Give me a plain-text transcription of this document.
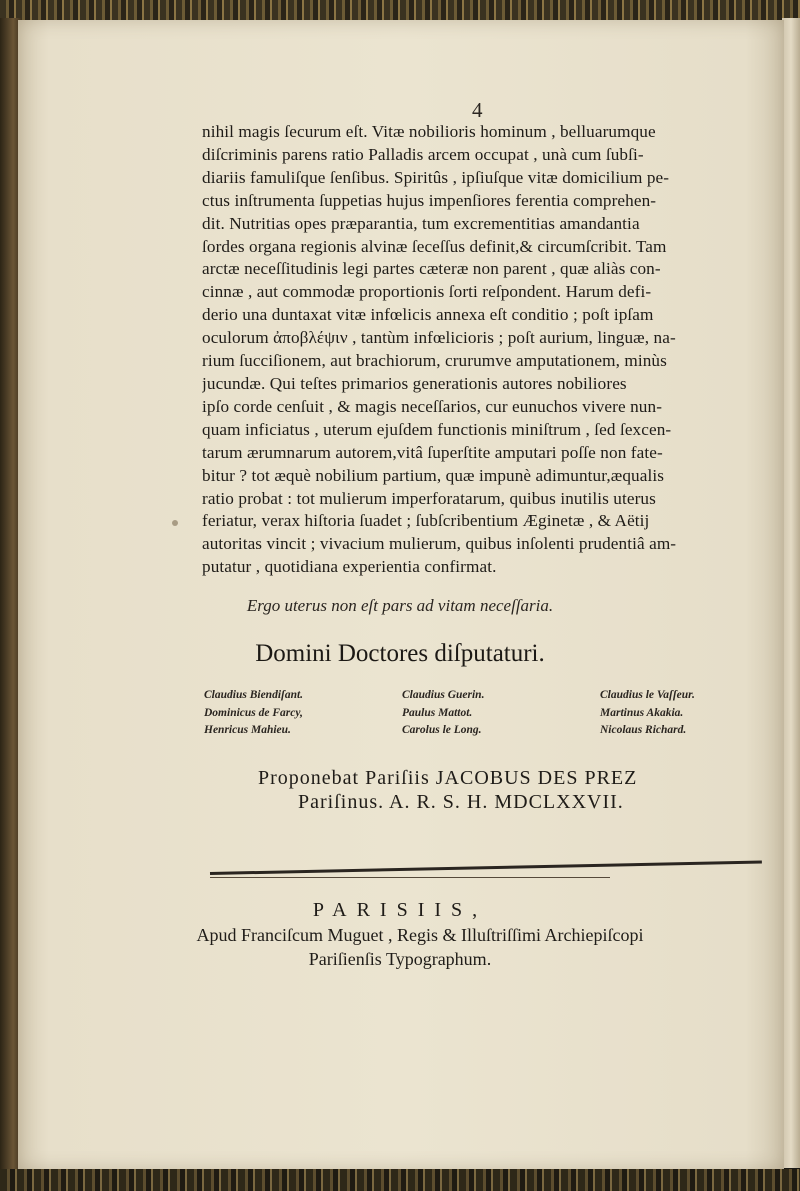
4
nihil magis ſecurum eſt. Vitæ nobilioris hominum , belluarumque
diſcriminis parens ratio Palladis arcem occupat , unà cum ſubſi-
diariis famuliſque ſenſibus. Spiritûs , ipſiuſque vitæ domicilium pe-
ctus inſtrumenta ſuppetias hujus impenſiores ferentia comprehen-
dit. Nutritias opes præparantia, tum excrementitias amandantia
ſordes organa regionis alvinæ ſeceſſus definit,& circumſcribit. Tam
arctæ neceſſitudinis legi partes cæteræ non parent , quæ aliàs con-
cinnæ , aut commodæ proportionis ſorti reſpondent. Harum defi-
derio una duntaxat vitæ infœlicis annexa eſt conditio ; poſt ipſam
oculorum ἀποβλέψιν , tantùm infœlicioris ; poſt aurium, linguæ, na-
rium ſucciſionem, aut brachiorum, crurumve amputationem, minùs
jucundæ. Qui teſtes primarios generationis autores nobiliores
ipſo corde cenſuit , & magis neceſſarios, cur eunuchos vivere nun-
quam inficiatus , uterum ejuſdem functionis miniſtrum , ſed ſexcen-
tarum ærumnarum autorem,vitâ ſuperſtite amputari poſſe non fate-
bitur ? tot æquè nobilium partium, quæ impunè adimuntur,æqualis
ratio probat : tot mulierum imperforatarum, quibus inutilis uterus
feriatur, verax hiſtoria ſuadet ; ſubſcribentium Æginetæ , & Aëtij
autoritas vincit ; vivacium mulierum, quibus inſolenti prudentiâ am-
putatur , quotidiana experientia confirmat.
Ergo uterus non eſt pars ad vitam neceſſaria.
Domini Doctores diſputaturi.
Claudius Biendiſant.
Dominicus de Farcy,
Henricus Mahieu.
Claudius Guerin.
Paulus Mattot.
Carolus le Long.
Claudius le Vaſſeur.
Martinus Akakia.
Nicolaus Richard.
Proponebat Pariſiis JACOBUS DES PREZ
Pariſinus. A. R. S. H. MDCLXXVII.
PARISIIS,
Apud Franciſcum Muguet , Regis & Illuſtriſſimi Archiepiſcopi
Pariſienſis Typographum.
